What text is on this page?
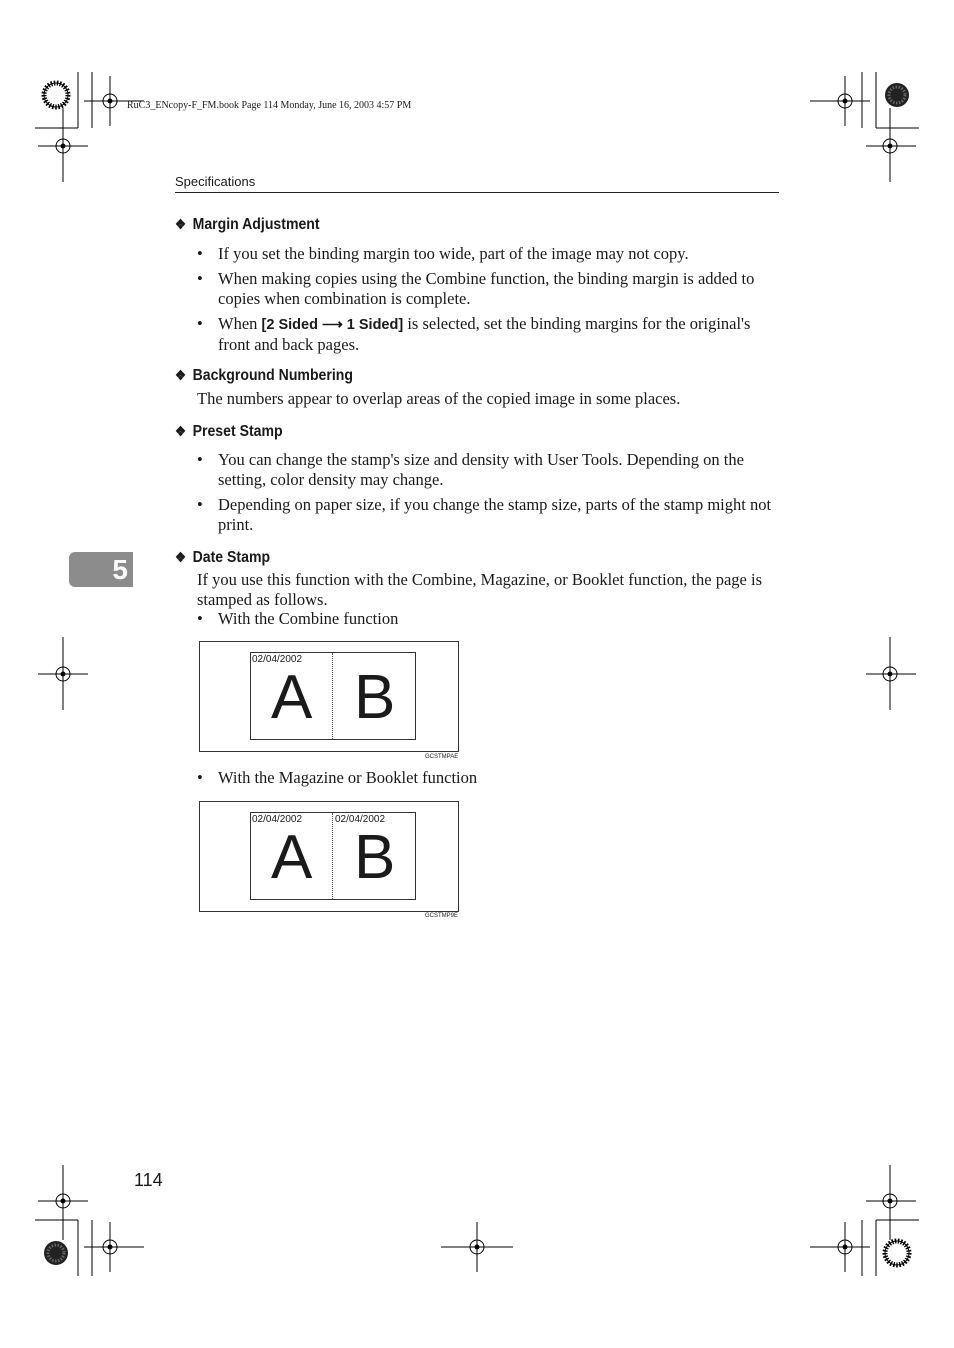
RuC3_ENcopy-F_FM.book Page 114 Monday, June 16, 2003 4:57 PM
Specifications
❖ Margin Adjustment
• If you set the binding margin too wide, part of the image may not copy.
• When making copies using the Combine function, the binding margin is added to copies when combination is complete.
• When [2 Sided ⟶ 1 Sided] is selected, set the binding margins for the original's front and back pages.
❖ Background Numbering
The numbers appear to overlap areas of the copied image in some places.
❖ Preset Stamp
• You can change the stamp's size and density with User Tools. Depending on the setting, color density may change.
• Depending on paper size, if you change the stamp size, parts of the stamp might not print.
5	❖ Date Stamp
If you use this function with the Combine, Magazine, or Booklet function, the page is stamped as follows.
• With the Combine function
02/04/2002
A B
GCSTMPAE
• With the Magazine or Booklet function
02/04/2002	02/04/2002
A B
GCSTMP9E
114
